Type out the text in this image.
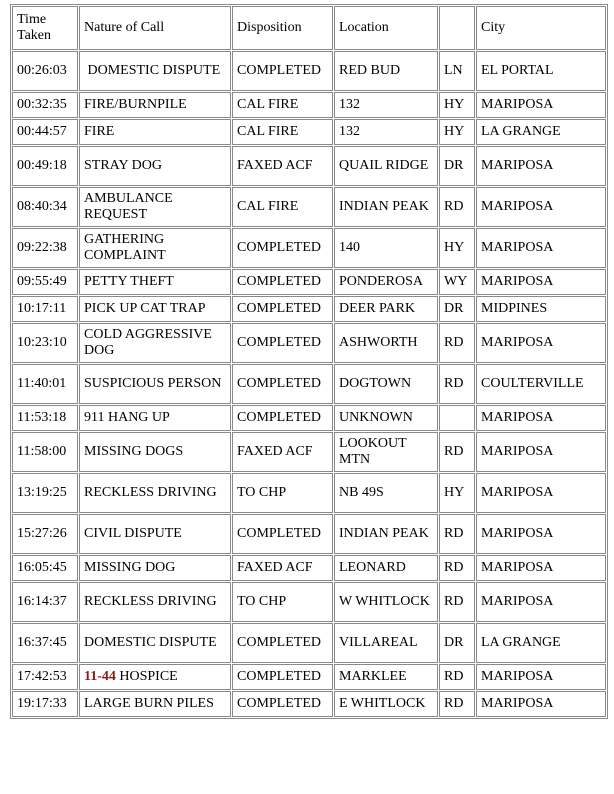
Time Taken	Nature of Call	Disposition	Location		City
00:26:03	DOMESTIC DISPUTE	COMPLETED	RED BUD	LN	EL PORTAL
00:32:35	FIRE/BURNPILE	CAL FIRE	132	HY	MARIPOSA
00:44:57	FIRE	CAL FIRE	132	HY	LA GRANGE
00:49:18	STRAY DOG	FAXED ACF	QUAIL RIDGE	DR	MARIPOSA
08:40:34	AMBULANCE REQUEST	CAL FIRE	INDIAN PEAK	RD	MARIPOSA
09:22:38	GATHERING COMPLAINT	COMPLETED	140	HY	MARIPOSA
09:55:49	PETTY THEFT	COMPLETED	PONDEROSA	WY	MARIPOSA
10:17:11	PICK UP CAT TRAP	COMPLETED	DEER PARK	DR	MIDPINES
10:23:10	COLD AGGRESSIVE DOG	COMPLETED	ASHWORTH	RD	MARIPOSA
11:40:01	SUSPICIOUS PERSON	COMPLETED	DOGTOWN	RD	COULTERVILLE
11:53:18	911 HANG UP	COMPLETED	UNKNOWN		MARIPOSA
11:58:00	MISSING DOGS	FAXED ACF	LOOKOUT MTN	RD	MARIPOSA
13:19:25	RECKLESS DRIVING	TO CHP	NB 49S	HY	MARIPOSA
15:27:26	CIVIL DISPUTE	COMPLETED	INDIAN PEAK	RD	MARIPOSA
16:05:45	MISSING DOG	FAXED ACF	LEONARD	RD	MARIPOSA
16:14:37	RECKLESS DRIVING	TO CHP	W WHITLOCK	RD	MARIPOSA
16:37:45	DOMESTIC DISPUTE	COMPLETED	VILLAREAL	DR	LA GRANGE
17:42:53	11-44 HOSPICE	COMPLETED	MARKLEE	RD	MARIPOSA
19:17:33	LARGE BURN PILES	COMPLETED	E WHITLOCK	RD	MARIPOSA
